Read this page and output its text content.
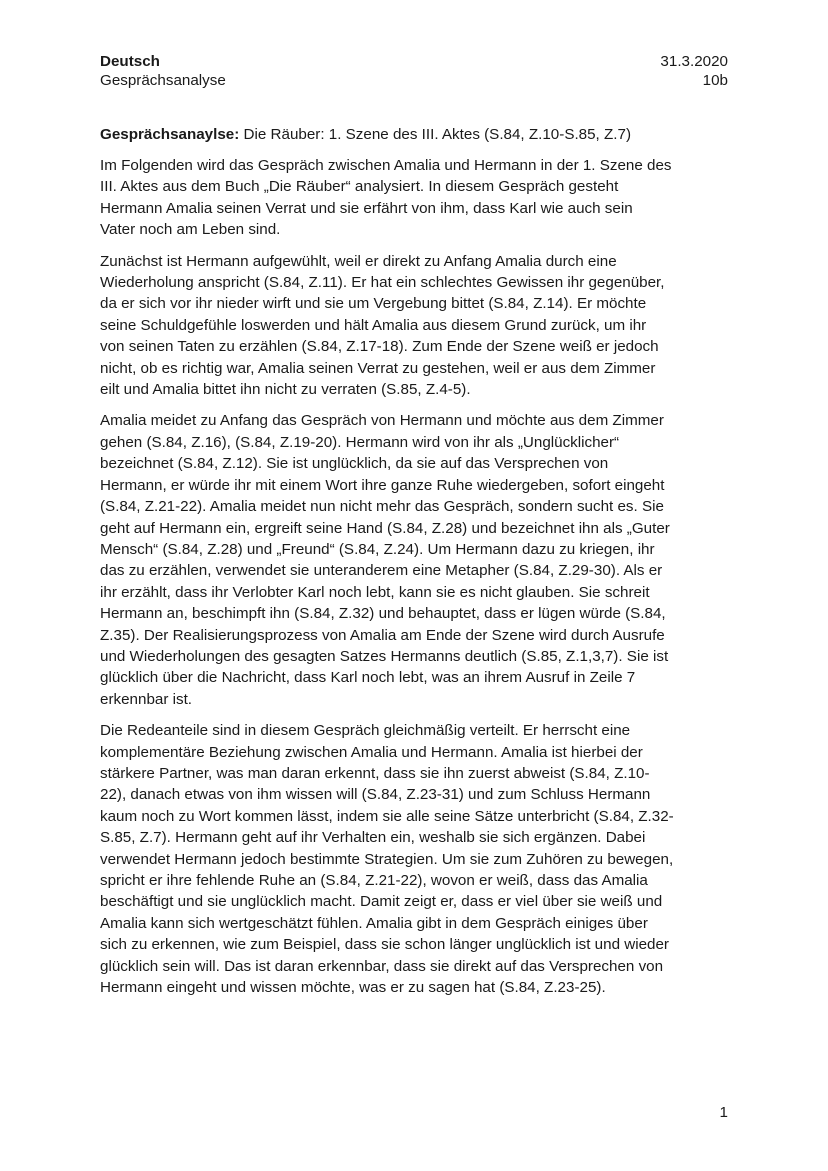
Deutsch	31.3.2020
Gesprächsanalyse	10b
Gesprächsanaylse: Die Räuber: 1. Szene des III. Aktes (S.84, Z.10-S.85, Z.7)
Im Folgenden wird das Gespräch zwischen Amalia und Hermann in der 1. Szene des
III. Aktes aus dem Buch „Die Räuber“ analysiert. In diesem Gespräch gesteht
Hermann Amalia seinen Verrat und sie erfährt von ihm, dass Karl wie auch sein
Vater noch am Leben sind.
Zunächst ist Hermann aufgewühlt, weil er direkt zu Anfang Amalia durch eine
Wiederholung anspricht (S.84, Z.11). Er hat ein schlechtes Gewissen ihr gegenüber,
da er sich vor ihr nieder wirft und sie um Vergebung bittet (S.84, Z.14). Er möchte
seine Schuldgefühle loswerden und hält Amalia aus diesem Grund zurück, um ihr
von seinen Taten zu erzählen (S.84, Z.17-18). Zum Ende der Szene weiß er jedoch
nicht, ob es richtig war, Amalia seinen Verrat zu gestehen, weil er aus dem Zimmer
eilt und Amalia bittet ihn nicht zu verraten (S.85, Z.4-5).
Amalia meidet zu Anfang das Gespräch von Hermann und möchte aus dem Zimmer
gehen (S.84, Z.16), (S.84, Z.19-20). Hermann wird von ihr als „Unglücklicher“
bezeichnet (S.84, Z.12). Sie ist unglücklich, da sie auf das Versprechen von
Hermann, er würde ihr mit einem Wort ihre ganze Ruhe wiedergeben, sofort eingeht
(S.84, Z.21-22). Amalia meidet nun nicht mehr das Gespräch, sondern sucht es. Sie
geht auf Hermann ein, ergreift seine Hand (S.84, Z.28) und bezeichnet ihn als „Guter
Mensch“ (S.84, Z.28) und „Freund“ (S.84, Z.24). Um Hermann dazu zu kriegen, ihr
das zu erzählen, verwendet sie unteranderem eine Metapher (S.84, Z.29-30). Als er
ihr erzählt, dass ihr Verlobter Karl noch lebt, kann sie es nicht glauben. Sie schreit
Hermann an, beschimpft ihn (S.84, Z.32) und behauptet, dass er lügen würde (S.84,
Z.35). Der Realisierungsprozess von Amalia am Ende der Szene wird durch Ausrufe
und Wiederholungen des gesagten Satzes Hermanns deutlich (S.85, Z.1,3,7). Sie ist
glücklich über die Nachricht, dass Karl noch lebt, was an ihrem Ausruf in Zeile 7
erkennbar ist.
Die Redeanteile sind in diesem Gespräch gleichmäßig verteilt. Er herrscht eine
komplementäre Beziehung zwischen Amalia und Hermann. Amalia ist hierbei der
stärkere Partner, was man daran erkennt, dass sie ihn zuerst abweist (S.84, Z.10-
22), danach etwas von ihm wissen will (S.84, Z.23-31) und zum Schluss Hermann
kaum noch zu Wort kommen lässt, indem sie alle seine Sätze unterbricht (S.84, Z.32-
S.85, Z.7). Hermann geht auf ihr Verhalten ein, weshalb sie sich ergänzen. Dabei
verwendet Hermann jedoch bestimmte Strategien. Um sie zum Zuhören zu bewegen,
spricht er ihre fehlende Ruhe an (S.84, Z.21-22), wovon er weiß, dass das Amalia
beschäftigt und sie unglücklich macht. Damit zeigt er, dass er viel über sie weiß und
Amalia kann sich wertgeschätzt fühlen. Amalia gibt in dem Gespräch einiges über
sich zu erkennen, wie zum Beispiel, dass sie schon länger unglücklich ist und wieder
glücklich sein will. Das ist daran erkennbar, dass sie direkt auf das Versprechen von
Hermann eingeht und wissen möchte, was er zu sagen hat (S.84, Z.23-25).
1
